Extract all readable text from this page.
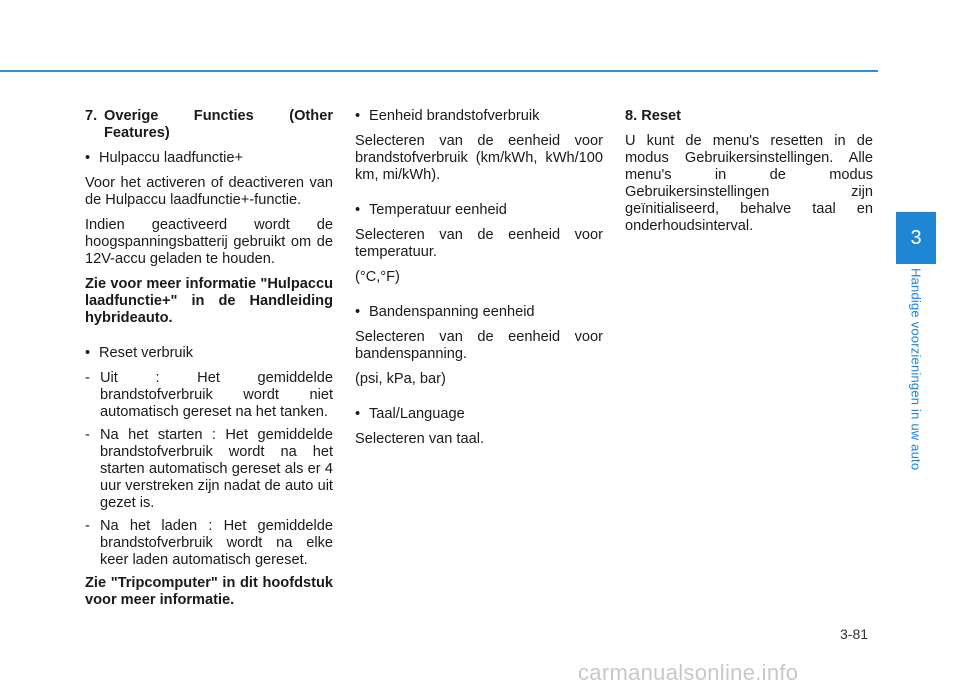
7. Overige Functies (Other Features)
• Hulpaccu laadfunctie+

Voor het activeren of deactiveren van de Hulpaccu laadfunctie+-functie.

Indien geactiveerd wordt de hoogspanningsbatterij gebruikt om de 12V-accu geladen te houden.

Zie voor meer informatie "Hulpaccu laadfunctie+" in de Handleiding hybrideauto.

• Reset verbruik
- Uit : Het gemiddelde brandstofverbruik wordt niet automatisch gereset na het tanken.
- Na het starten : Het gemiddelde brandstofverbruik wordt na het starten automatisch gereset als er 4 uur verstreken zijn nadat de auto uit gezet is.
- Na het laden : Het gemiddelde brandstofverbruik wordt na elke keer laden automatisch gereset.

Zie "Tripcomputer" in dit hoofdstuk voor meer informatie.

• Eenheid brandstofverbruik

Selecteren van de eenheid voor brandstofverbruik (km/kWh, kWh/100 km, mi/kWh).

• Temperatuur eenheid

Selecteren van de eenheid voor temperatuur.

(°C,°F)

• Bandenspanning eenheid

Selecteren van de eenheid voor bandenspanning.

(psi, kPa, bar)

• Taal/Language

Selecteren van taal.

8. Reset

U kunt de menu's resetten in de modus Gebruikersinstellingen. Alle menu's in de modus Gebruikersinstellingen zijn geïnitialiseerd, behalve taal en onderhoudsinterval.

3
Handige voorzieningen in uw auto
3-81
carmanualsonline.info
